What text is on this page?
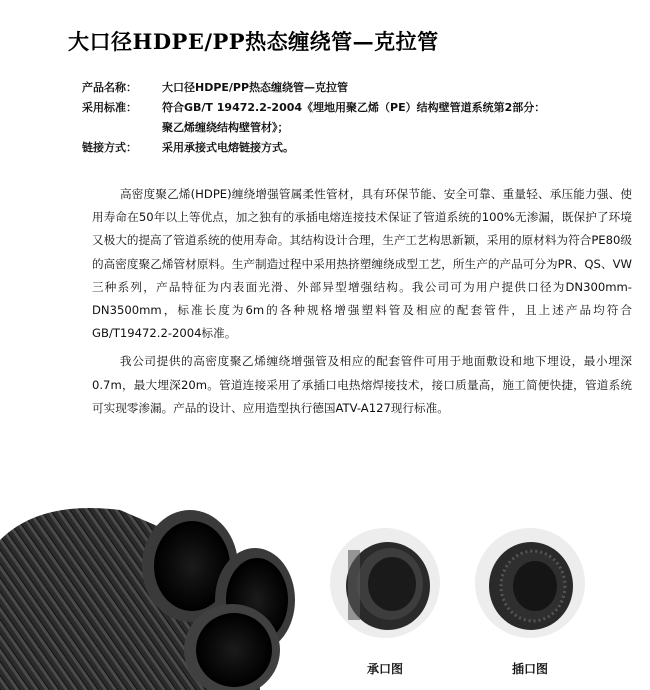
大口径HDPE/PP热态缠绕管—克拉管
产品名称：	大口径HDPE/PP热态缠绕管—克拉管
采用标准：	符合GB/T 19472.2-2004《埋地用聚乙烯（PE）结构壁管道系统第2部分：
聚乙烯缠绕结构壁管材》；
链接方式：	采用承接式电熔链接方式。

高密度聚乙烯(HDPE)缠绕增强管属柔性管材，具有环保节能、安全可靠、重量轻、承压能力强、使用寿命在50年以上等优点，加之独有的承插电熔连接技术保证了管道系统的100%无渗漏，既保护了环境又极大的提高了管道系统的使用寿命。其结构设计合理，生产工艺构思新颖，采用的原材料为符合PE80级的高密度聚乙烯管材原料。生产制造过程中采用热挤塑缠绕成型工艺，所生产的产品可分为PR、QS、VW三种系列，产品特征为内表面光滑、外部异型增强结构。我公司可为用户提供口径为DN300mm-DN3500mm，标准长度为6m的各种规格增强塑料管及相应的配套管件，且上述产品均符合GB/T19472.2-2004标准。

我公司提供的高密度聚乙烯缠绕增强管及相应的配套管件可用于地面敷设和地下埋设，最小埋深0.7m，最大埋深20m。管道连接采用了承插口电热熔焊接技术，接口质量高，施工简便快捷，管道系统可实现零渗漏。产品的设计、应用造型执行德国ATV-A127现行标准。

承口图	插口图
